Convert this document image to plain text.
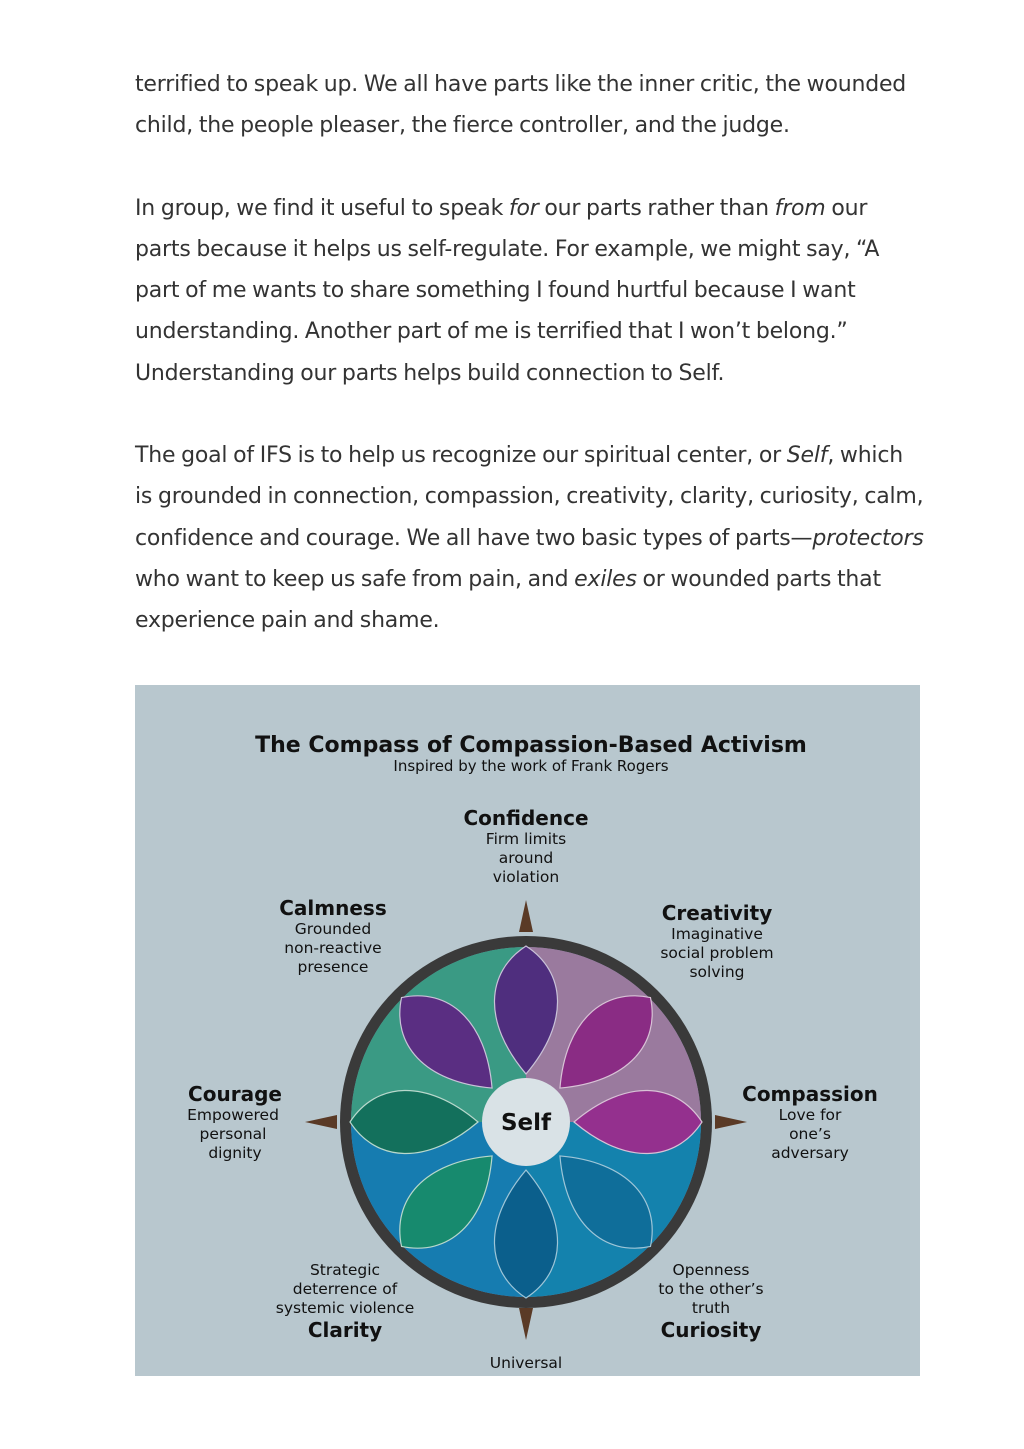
terrified to speak up. We all have parts like the inner critic, the wounded child, the people pleaser, the fierce controller, and the judge.

In group, we find it useful to speak for our parts rather than from our parts because it helps us self-regulate. For example, we might say, “A part of me wants to share something I found hurtful because I want understanding. Another part of me is terrified that I won’t belong.” Understanding our parts helps build connection to Self.

The goal of IFS is to help us recognize our spiritual center, or Self, which is grounded in connection, compassion, creativity, clarity, curiosity, calm, confidence and courage. We all have two basic types of parts—protectors who want to keep us safe from pain, and exiles or wounded parts that experience pain and shame.

The Compass of Compassion-Based Activism
Inspired by the work of Frank Rogers
Self
Confidence
Firm limits
around
violation
Calmness
Grounded
non-reactive
presence
Creativity
Imaginative
social problem
solving
Courage
Empowered
personal
dignity
Compassion
Love for
one’s
adversary
Strategic
deterrence of
systemic violence
Clarity
Openness
to the other’s
truth
Curiosity
Universal
